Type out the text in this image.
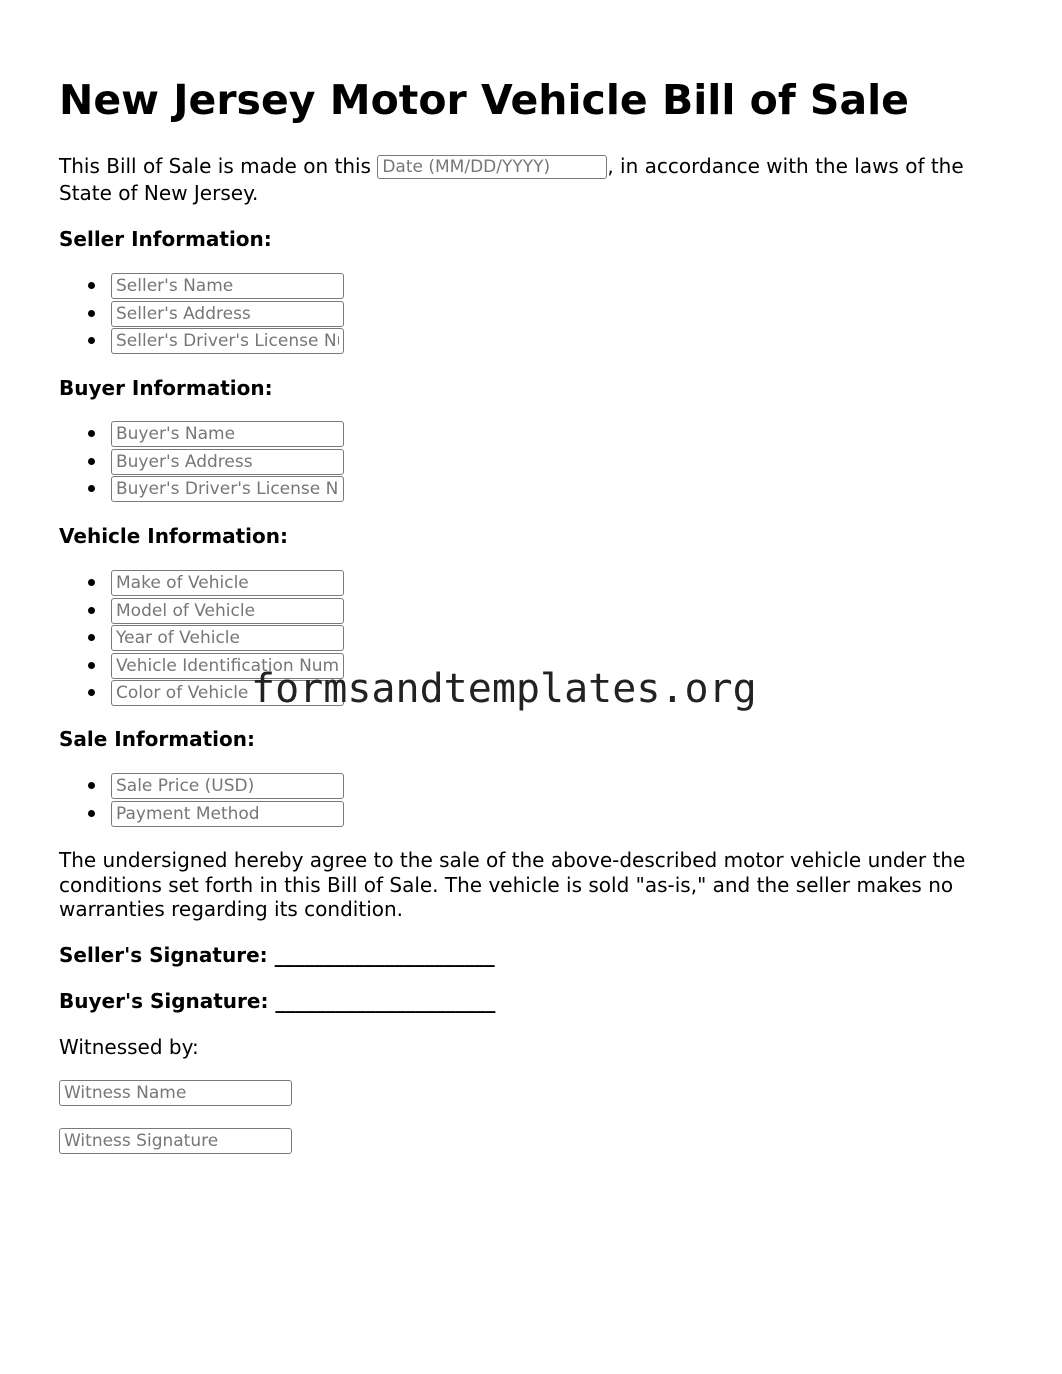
New Jersey Motor Vehicle Bill of Sale

This Bill of Sale is made on this Date (MM/DD/YYYY)	, in accordance with the laws of the State of New Jersey.

Seller Information:
Seller's Name
Seller's Address
Seller's Driver's License Number
Buyer Information:
Buyer's Name
Buyer's Address
Buyer's Driver's License Number
Vehicle Information:
Make of Vehicle
Model of Vehicle
Year of Vehicle
Vehicle Identification Number (VIN)
Color of Vehicle
Sale Information:
Sale Price (USD)
Payment Method

The undersigned hereby agree to the sale of the above-described motor vehicle under the conditions set forth in this Bill of Sale. The vehicle is sold "as-is," and the seller makes no warranties regarding its condition.

Seller's Signature: ______________________

Buyer's Signature: ______________________

Witnessed by:

Witness Name
Witness Signature
formsandtemplates.org
